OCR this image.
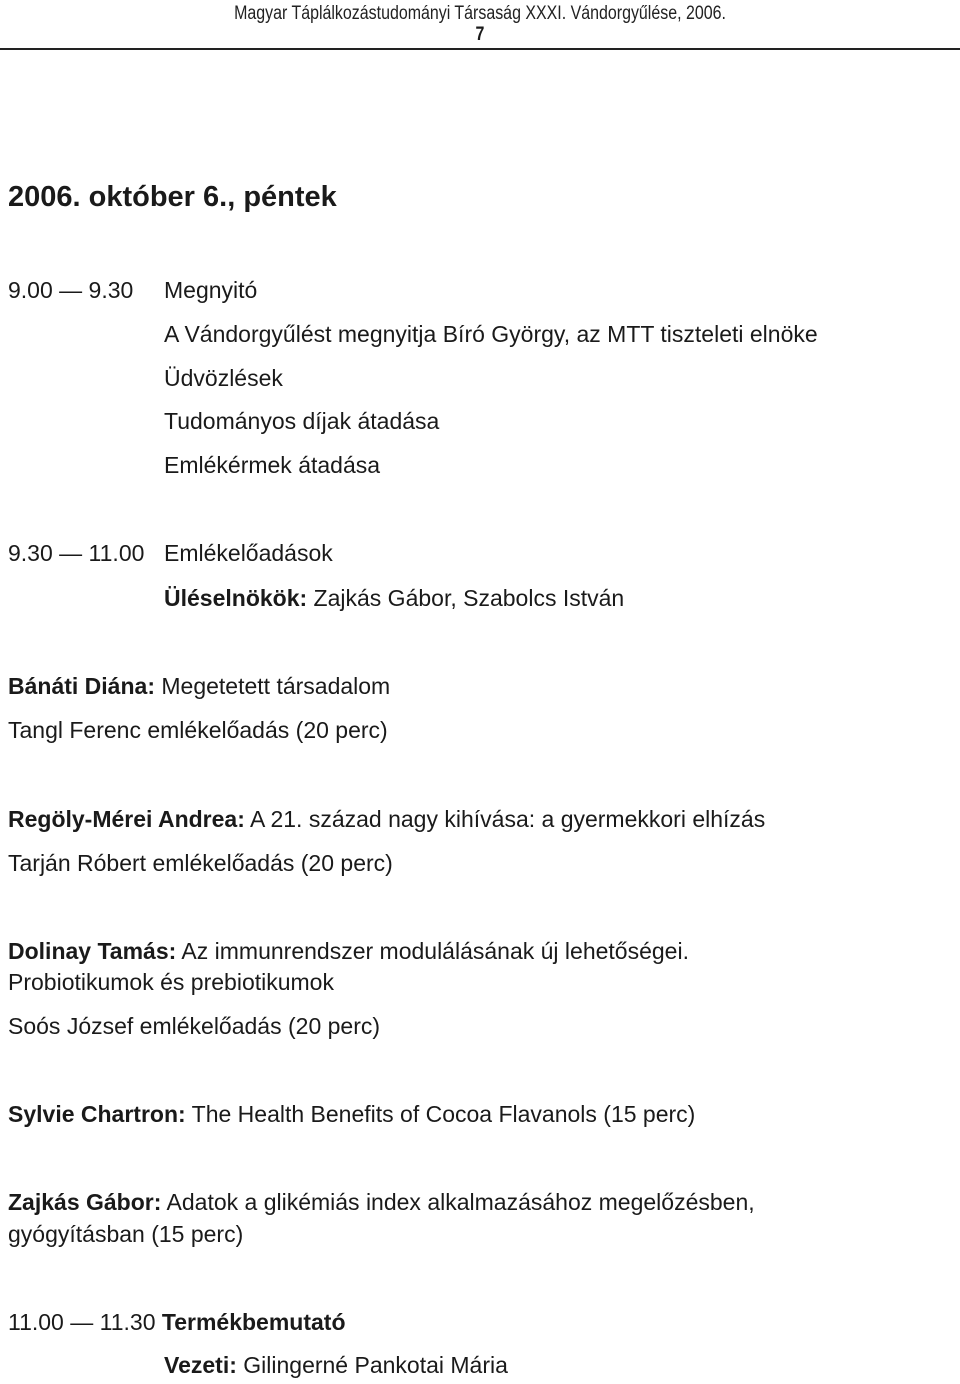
Magyar Táplálkozástudományi Társaság XXXI. Vándorgyűlése, 2006.
7
2006. október 6., péntek
9.00 — 9.30 Megnyitó
A Vándorgyűlést megnyitja Bíró György, az MTT tiszteleti elnöke
Üdvözlések
Tudományos díjak átadása
Emlékérmek átadása
9.30 — 11.00 Emlékelőadások
Üléselnökök: Zajkás Gábor, Szabolcs István
Bánáti Diána: Megetetett társadalom
Tangl Ferenc emlékelőadás (20 perc)
Regöly-Mérei Andrea: A 21. század nagy kihívása: a gyermekkori elhízás
Tarján Róbert emlékelőadás (20 perc)
Dolinay Tamás: Az immunrendszer modulálásának új lehetőségei.
Probiotikumok és prebiotikumok
Soós József emlékelőadás (20 perc)
Sylvie Chartron: The Health Benefits of Cocoa Flavanols (15 perc)
Zajkás Gábor: Adatok a glikémiás index alkalmazásához megelőzésben,
gyógyításban (15 perc)
11.00 — 11.30 Termékbemutató
Vezeti: Gilingerné Pankotai Mária
